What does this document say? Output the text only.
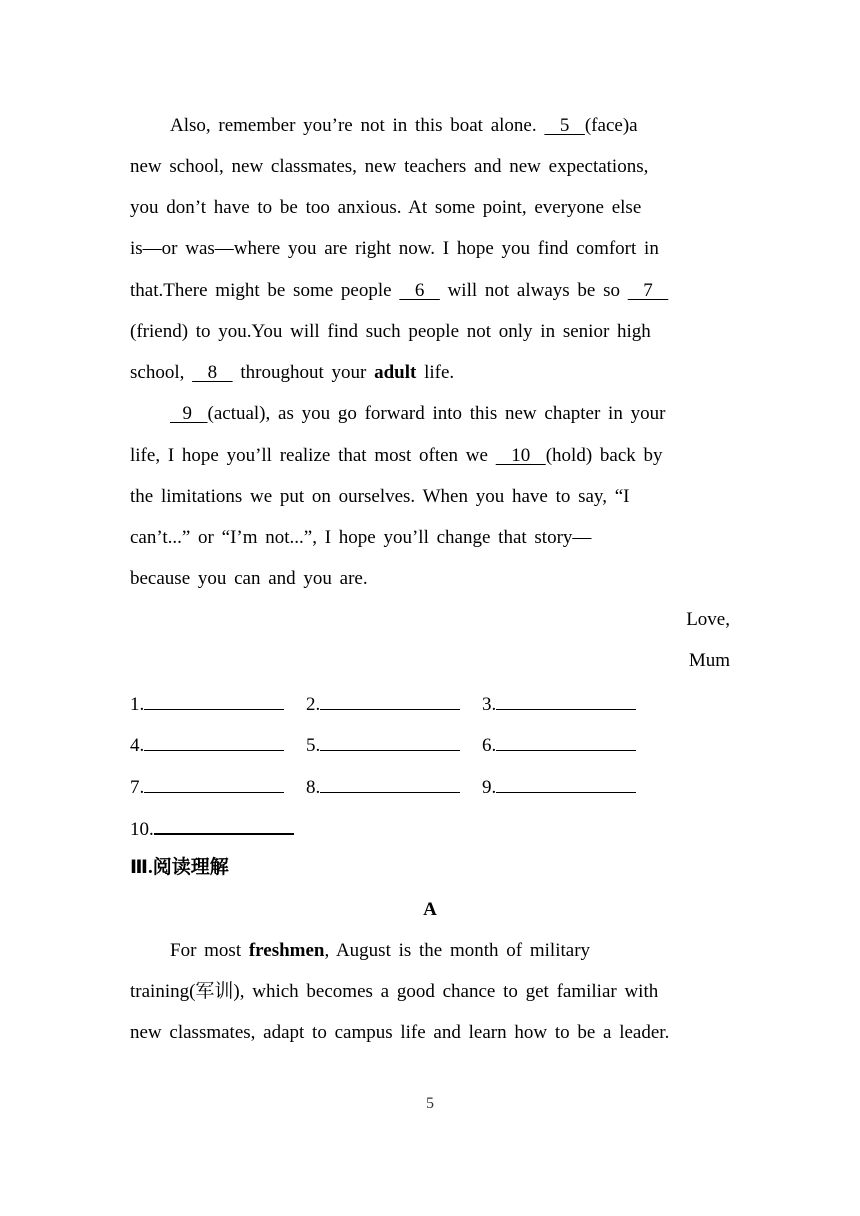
Also, remember you’re not in this boat alone.   5  (face)a
new school, new classmates, new teachers and new expectations,
you don’t have to be too anxious. At some point, everyone else
is—or was—where you are right now. I hope you find comfort in
that.There might be some people   6   will not always be so   7
(friend) to you.You will find such people not only in senior high
school,   8   throughout your adult life.
9  (actual), as you go forward into this new chapter in your
life, I hope you’ll realize that most often we   10  (hold) back by
the limitations we put on ourselves. When you have to say, “I
can’t...” or “I’m not...”, I hope you’ll change that story—
because you can and you are.
Love,
Mum
1.	2.	3.
4.	5.	6.
7.	8.	9.
10.
Ⅲ.阅读理解
A
For most freshmen, August is the month of military
training(军训), which becomes a good chance to get familiar with
new classmates, adapt to campus life and learn how to be a leader.
5
